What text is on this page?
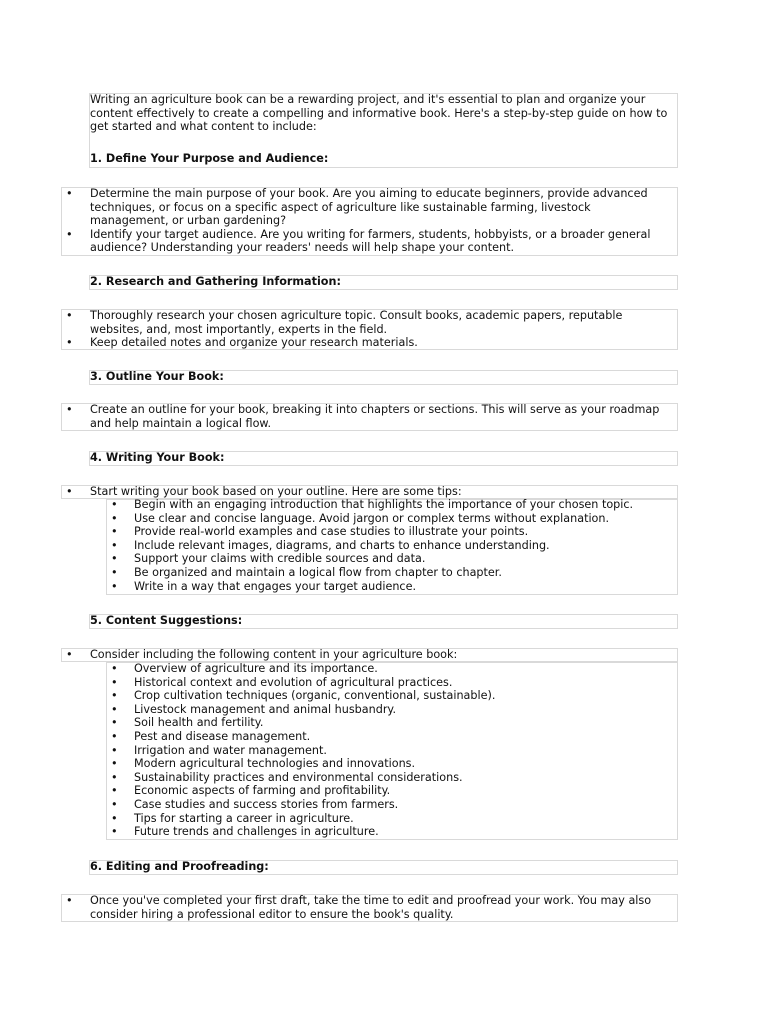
Writing an agriculture book can be a rewarding project, and it's essential to plan and organize your
content effectively to create a compelling and informative book. Here's a step-by-step guide on how to
get started and what content to include:
1. Define Your Purpose and Audience:
• Determine the main purpose of your book. Are you aiming to educate beginners, provide advanced
techniques, or focus on a specific aspect of agriculture like sustainable farming, livestock
management, or urban gardening?
• Identify your target audience. Are you writing for farmers, students, hobbyists, or a broader general
audience? Understanding your readers' needs will help shape your content.
2. Research and Gathering Information:
• Thoroughly research your chosen agriculture topic. Consult books, academic papers, reputable
websites, and, most importantly, experts in the field.
• Keep detailed notes and organize your research materials.
3. Outline Your Book:
• Create an outline for your book, breaking it into chapters or sections. This will serve as your roadmap
and help maintain a logical flow.
4. Writing Your Book:
• Start writing your book based on your outline. Here are some tips:
• Begin with an engaging introduction that highlights the importance of your chosen topic.
• Use clear and concise language. Avoid jargon or complex terms without explanation.
• Provide real-world examples and case studies to illustrate your points.
• Include relevant images, diagrams, and charts to enhance understanding.
• Support your claims with credible sources and data.
• Be organized and maintain a logical flow from chapter to chapter.
• Write in a way that engages your target audience.
5. Content Suggestions:
• Consider including the following content in your agriculture book:
• Overview of agriculture and its importance.
• Historical context and evolution of agricultural practices.
• Crop cultivation techniques (organic, conventional, sustainable).
• Livestock management and animal husbandry.
• Soil health and fertility.
• Pest and disease management.
• Irrigation and water management.
• Modern agricultural technologies and innovations.
• Sustainability practices and environmental considerations.
• Economic aspects of farming and profitability.
• Case studies and success stories from farmers.
• Tips for starting a career in agriculture.
• Future trends and challenges in agriculture.
6. Editing and Proofreading:
• Once you've completed your first draft, take the time to edit and proofread your work. You may also
consider hiring a professional editor to ensure the book's quality.
